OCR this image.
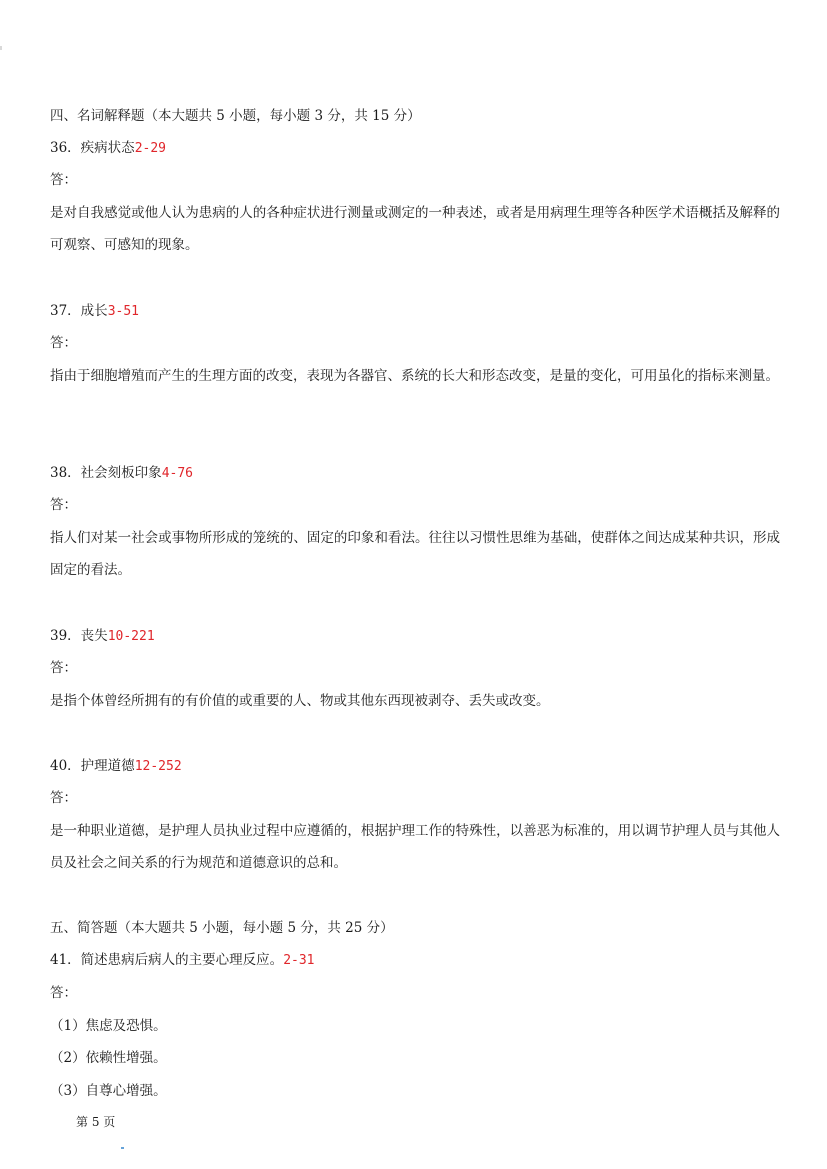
四、名词解释题（本大题共 5 小题，每小题 3 分，共 15 分）
36．疾病状态2-29
答：
是对自我感觉或他人认为患病的人的各种症状进行测量或测定的一种表述，或者是用病理生理等各种医学术语概括及解释的可观察、可感知的现象。
37．成长3-51
答：
指由于细胞增殖而产生的生理方面的改变，表现为各器官、系统的长大和形态改变，是量的变化，可用虽化的指标来测量。
38．社会刻板印象4-76
答：
指人们对某一社会或事物所形成的笼统的、固定的印象和看法。往往以习惯性思维为基础，使群体之间达成某种共识，形成固定的看法。
39．丧失10-221
答：
是指个体曾经所拥有的有价值的或重要的人、物或其他东西现被剥夺、丢失或改变。
40．护理道德12-252
答：
是一种职业道德，是护理人员执业过程中应遵循的，根据护理工作的特殊性，以善恶为标准的，用以调节护理人员与其他人员及社会之间关系的行为规范和道德意识的总和。
五、简答题（本大题共 5 小题，每小题 5 分，共 25 分）
41．简述患病后病人的主要心理反应。2-31
答：
（1）焦虑及恐惧。
（2）依赖性增强。
（3）自尊心增强。
第 5 页
